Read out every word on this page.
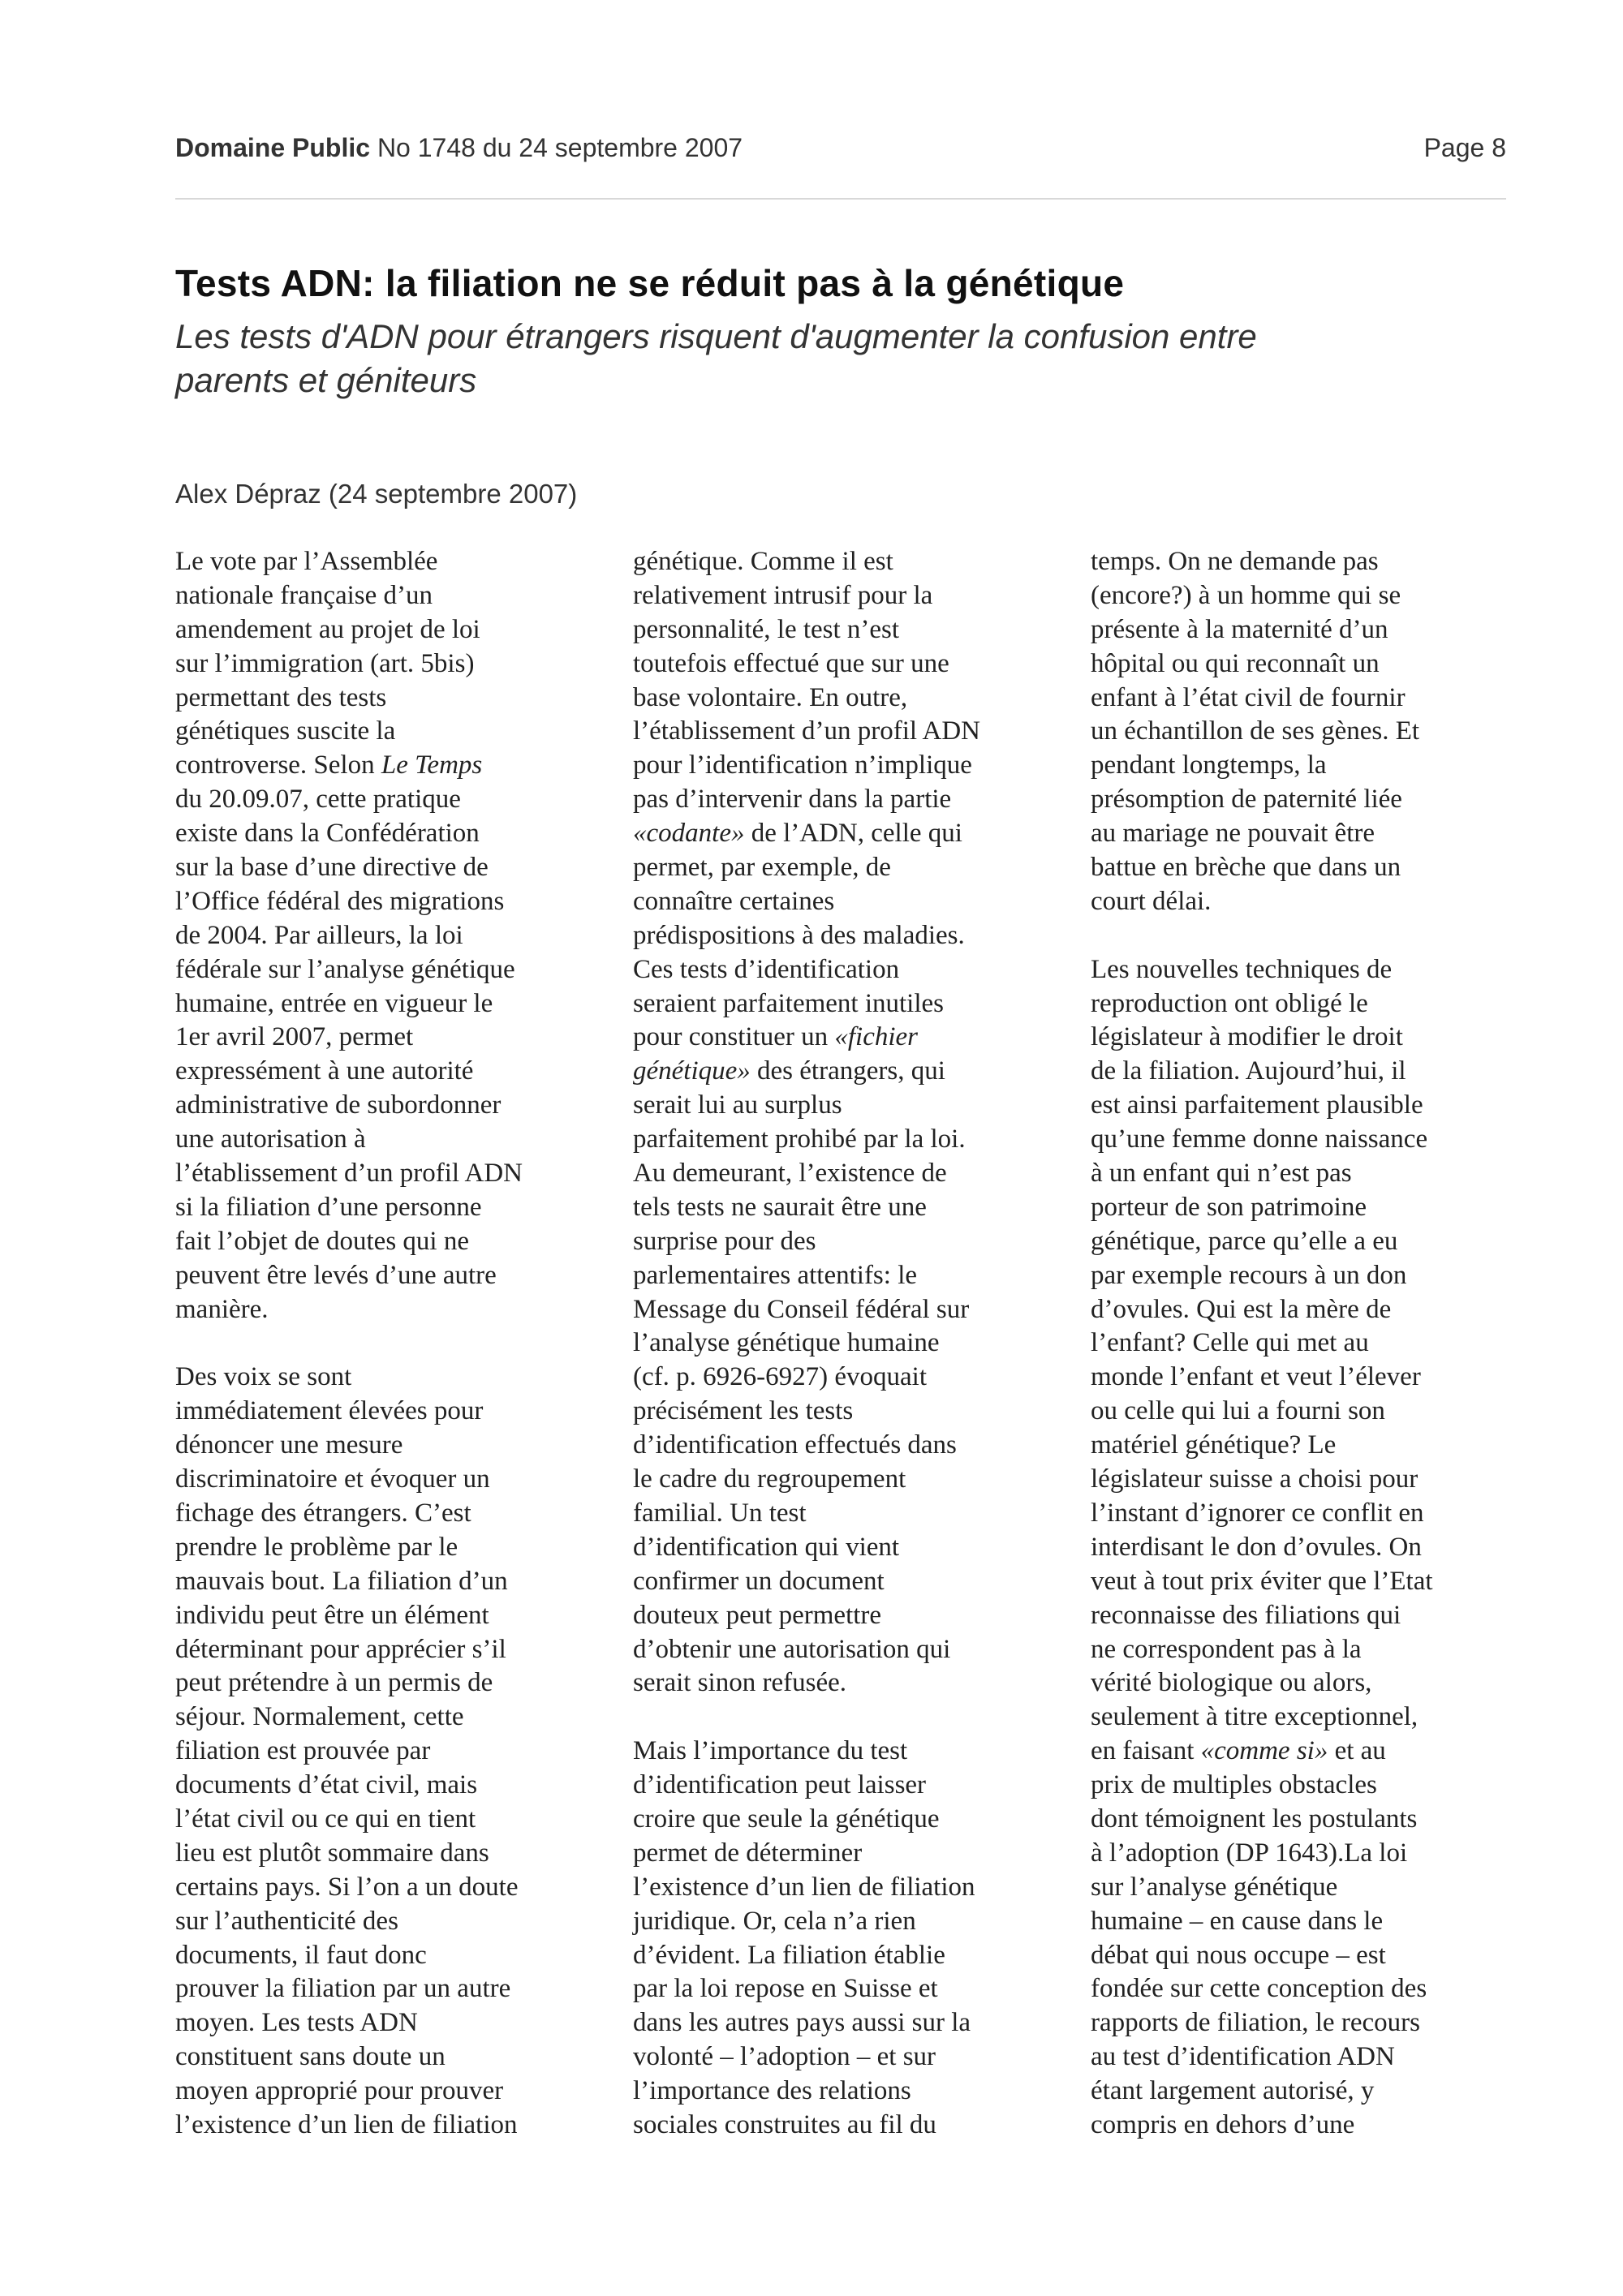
Domaine Public No 1748 du 24 septembre 2007	Page 8
Tests ADN: la filiation ne se réduit pas à la génétique

Les tests d'ADN pour étrangers risquent d'augmenter la confusion entre parents et géniteurs

Alex Dépraz (24 septembre 2007)
Le vote par l’Assemblée
nationale française d’un
amendement au projet de loi
sur l’immigration (art. 5bis)
permettant des tests
génétiques suscite la
controverse. Selon Le Temps
du 20.09.07, cette pratique
existe dans la Confédération
sur la base d’une directive de
l’Office fédéral des migrations
de 2004. Par ailleurs, la loi
fédérale sur l’analyse génétique
humaine, entrée en vigueur le
1er avril 2007, permet
expressément à une autorité
administrative de subordonner
une autorisation à
l’établissement d’un profil ADN
si la filiation d’une personne
fait l’objet de doutes qui ne
peuvent être levés d’une autre
manière.
Des voix se sont
immédiatement élevées pour
dénoncer une mesure
discriminatoire et évoquer un
fichage des étrangers. C’est
prendre le problème par le
mauvais bout. La filiation d’un
individu peut être un élément
déterminant pour apprécier s’il
peut prétendre à un permis de
séjour. Normalement, cette
filiation est prouvée par
documents d’état civil, mais
l’état civil ou ce qui en tient
lieu est plutôt sommaire dans
certains pays. Si l’on a un doute
sur l’authenticité des
documents, il faut donc
prouver la filiation par un autre
moyen. Les tests ADN
constituent sans doute un
moyen approprié pour prouver
l’existence d’un lien de filiation
génétique. Comme il est
relativement intrusif pour la
personnalité, le test n’est
toutefois effectué que sur une
base volontaire. En outre,
l’établissement d’un profil ADN
pour l’identification n’implique
pas d’intervenir dans la partie
«codante» de l’ADN, celle qui
permet, par exemple, de
connaître certaines
prédispositions à des maladies.
Ces tests d’identification
seraient parfaitement inutiles
pour constituer un «fichier
génétique» des étrangers, qui
serait lui au surplus
parfaitement prohibé par la loi.
Au demeurant, l’existence de
tels tests ne saurait être une
surprise pour des
parlementaires attentifs: le
Message du Conseil fédéral sur
l’analyse génétique humaine
(cf. p. 6926-6927) évoquait
précisément les tests
d’identification effectués dans
le cadre du regroupement
familial. Un test
d’identification qui vient
confirmer un document
douteux peut permettre
d’obtenir une autorisation qui
serait sinon refusée.
Mais l’importance du test
d’identification peut laisser
croire que seule la génétique
permet de déterminer
l’existence d’un lien de filiation
juridique. Or, cela n’a rien
d’évident. La filiation établie
par la loi repose en Suisse et
dans les autres pays aussi sur la
volonté – l’adoption – et sur
l’importance des relations
sociales construites au fil du
temps. On ne demande pas
(encore?) à un homme qui se
présente à la maternité d’un
hôpital ou qui reconnaît un
enfant à l’état civil de fournir
un échantillon de ses gènes. Et
pendant longtemps, la
présomption de paternité liée
au mariage ne pouvait être
battue en brèche que dans un
court délai.
Les nouvelles techniques de
reproduction ont obligé le
législateur à modifier le droit
de la filiation. Aujourd’hui, il
est ainsi parfaitement plausible
qu’une femme donne naissance
à un enfant qui n’est pas
porteur de son patrimoine
génétique, parce qu’elle a eu
par exemple recours à un don
d’ovules. Qui est la mère de
l’enfant? Celle qui met au
monde l’enfant et veut l’élever
ou celle qui lui a fourni son
matériel génétique? Le
législateur suisse a choisi pour
l’instant d’ignorer ce conflit en
interdisant le don d’ovules. On
veut à tout prix éviter que l’Etat
reconnaisse des filiations qui
ne correspondent pas à la
vérité biologique ou alors,
seulement à titre exceptionnel,
en faisant «comme si» et au
prix de multiples obstacles
dont témoignent les postulants
à l’adoption (DP 1643).La loi
sur l’analyse génétique
humaine – en cause dans le
débat qui nous occupe – est
fondée sur cette conception des
rapports de filiation, le recours
au test d’identification ADN
étant largement autorisé, y
compris en dehors d’une
